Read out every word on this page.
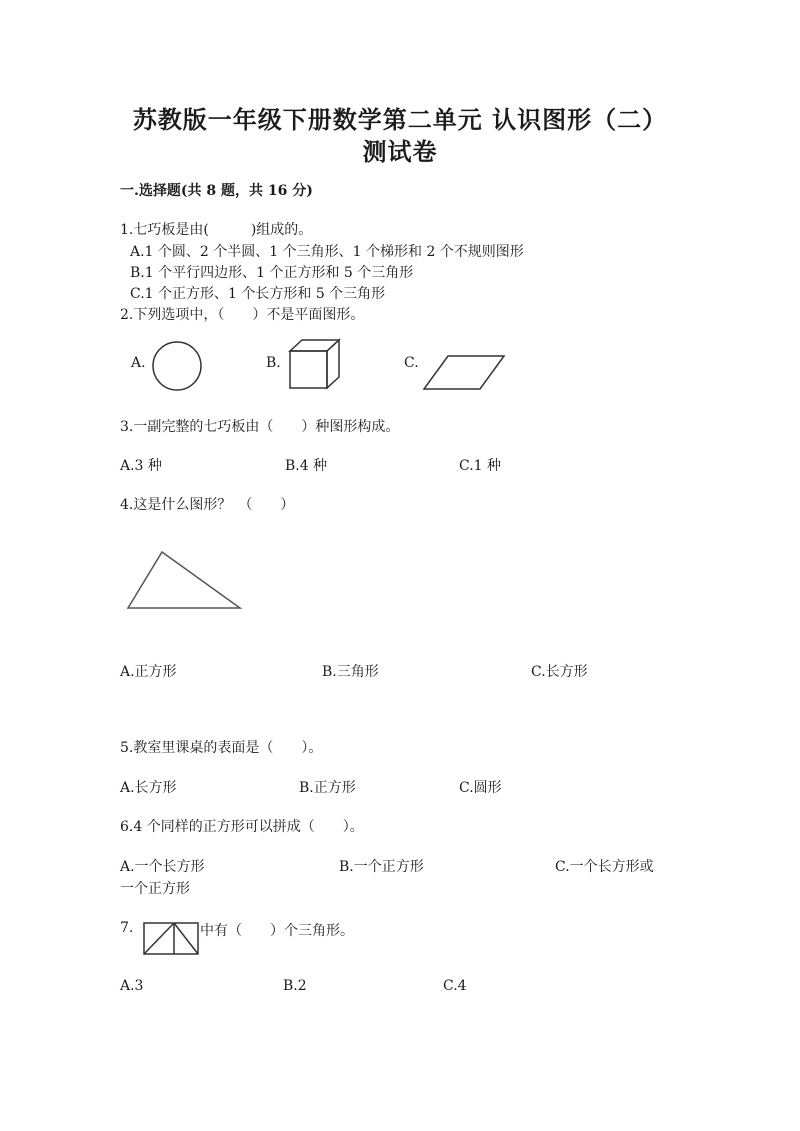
苏教版一年级下册数学第二单元 认识图形（二）
测试卷
一.选择题(共 8 题，共 16 分)
1.七巧板是由(　　　)组成的。
A.1 个圆、2 个半圆、1 个三角形、1 个梯形和 2 个不规则图形
B.1 个平行四边形、1 个正方形和 5 个三角形
C.1 个正方形、1 个长方形和 5 个三角形
2.下列选项中，（　　）不是平面图形。
A.	B.	C.
3.一副完整的七巧板由（　　）种图形构成。
A.3 种	B.4 种	C.1 种
4.这是什么图形？　（　　）
A.正方形	B.三角形	C.长方形
5.教室里课桌的表面是（　　）。
A.长方形	B.正方形	C.圆形
6.4 个同样的正方形可以拼成（　　）。
A.一个长方形	B.一个正方形	C.一个长方形或
一个正方形
7.	中有（　　）个三角形。
A.3	B.2	C.4
